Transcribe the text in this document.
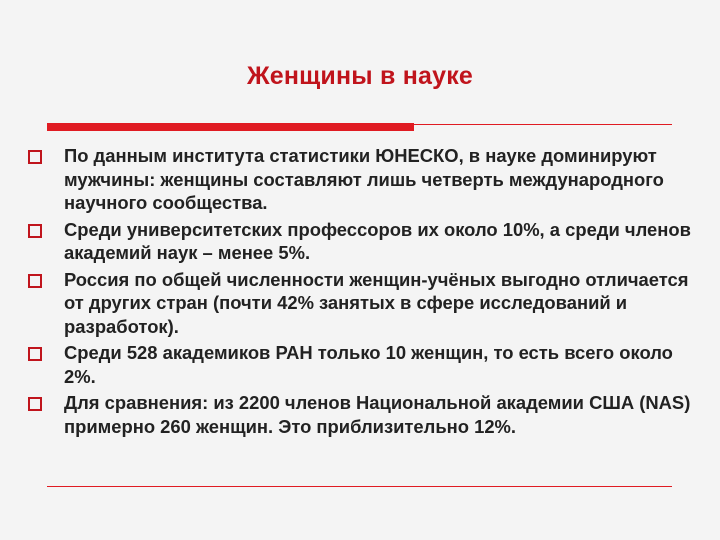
Женщины в науке
По данным института статистики ЮНЕСКО, в науке доминируют мужчины: женщины составляют лишь четверть международного научного сообщества.
Среди университетских профессоров их около 10%, а среди членов академий наук – менее 5%.
Россия по общей численности женщин-учёных выгодно отличается от других стран (почти 42% занятых в сфере исследований и разработок).
Среди 528 академиков РАН только 10 женщин, то есть всего около 2%.
Для сравнения: из 2200 членов Национальной академии США (NAS) примерно 260 женщин. Это приблизительно 12%.
